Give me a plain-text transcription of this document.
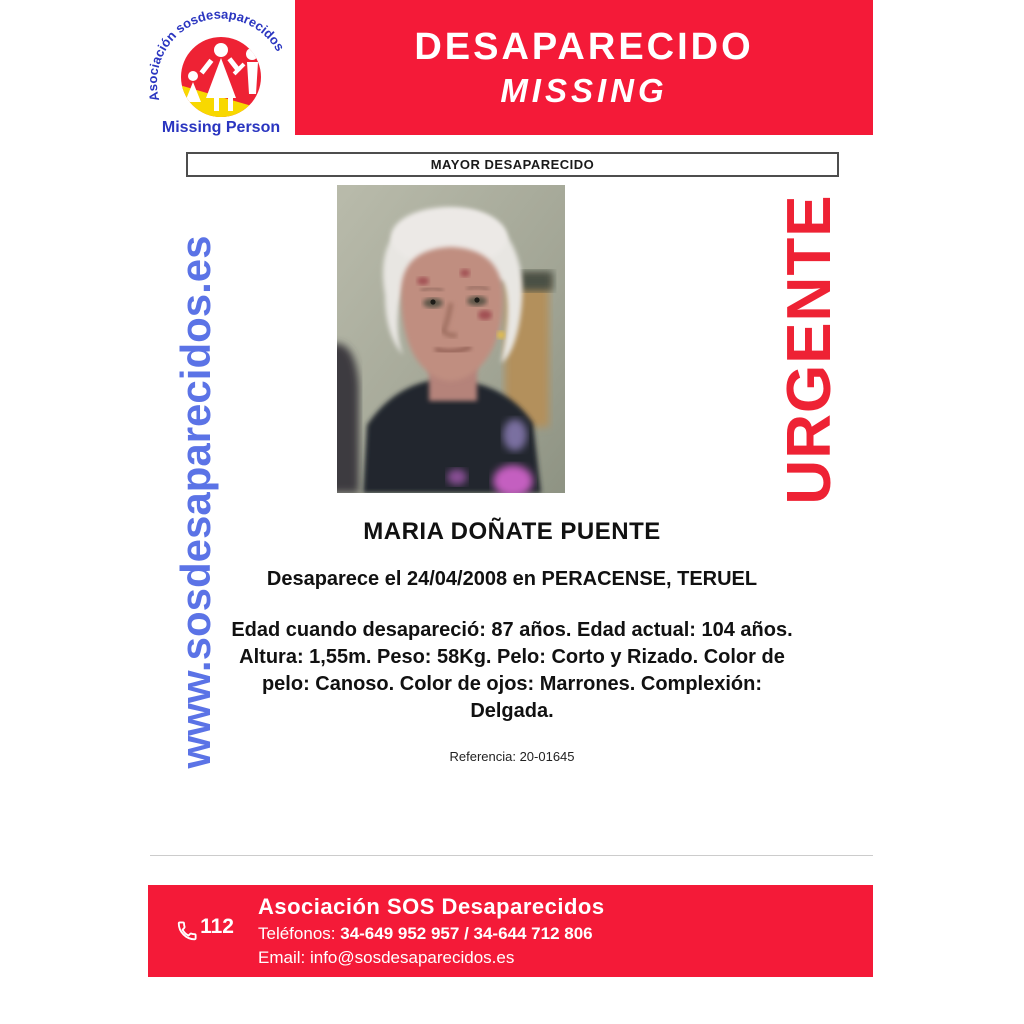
Asociación sosdesaparecidos
Missing Person
DESAPARECIDO
MISSING
MAYOR DESAPARECIDO
www.sosdesaparecidos.es	URGENTE
MARIA DOÑATE PUENTE
Desaparece el 24/04/2008 en PERACENSE, TERUEL
Edad cuando desapareció: 87 años. Edad actual: 104 años. Altura: 1,55m. Peso: 58Kg. Pelo: Corto y Rizado. Color de pelo: Canoso. Color de ojos: Marrones. Complexión: Delgada.
Referencia: 20-01645
112
Asociación SOS Desaparecidos
Teléfonos: 34-649 952 957 / 34-644 712 806
Email: info@sosdesaparecidos.es
